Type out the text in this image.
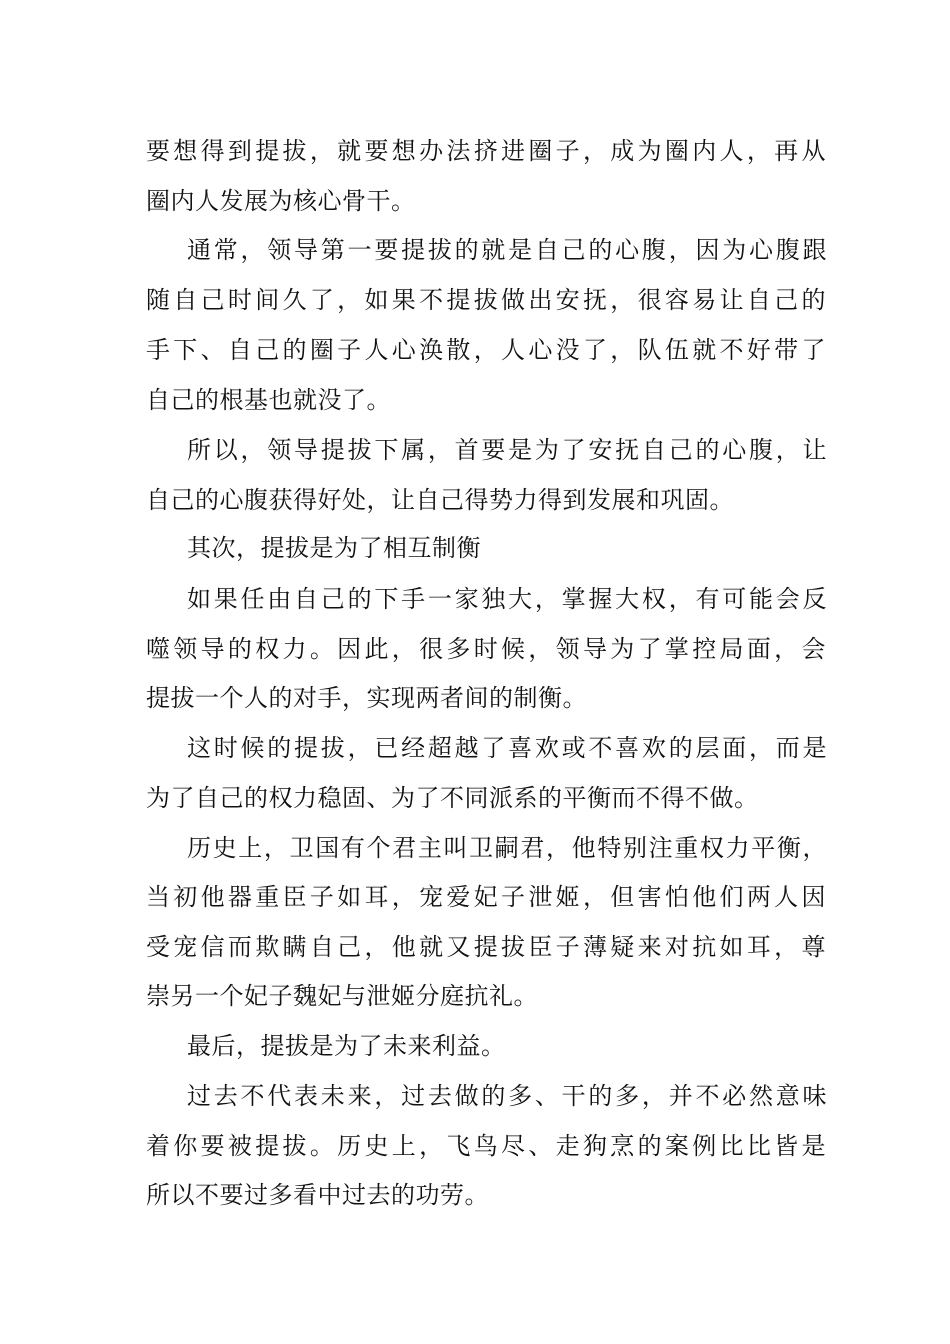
要想得到提拔，就要想办法挤进圈子，成为圈内人，再从
圈内人发展为核心骨干。
通常，领导第一要提拔的就是自己的心腹，因为心腹跟
随自己时间久了，如果不提拔做出安抚，很容易让自己的
手下、自己的圈子人心涣散，人心没了，队伍就不好带了
自己的根基也就没了。
所以，领导提拔下属，首要是为了安抚自己的心腹，让
自己的心腹获得好处，让自己得势力得到发展和巩固。
其次，提拔是为了相互制衡
如果任由自己的下手一家独大，掌握大权，有可能会反
噬领导的权力。因此，很多时候，领导为了掌控局面，会
提拔一个人的对手，实现两者间的制衡。
这时候的提拔，已经超越了喜欢或不喜欢的层面，而是
为了自己的权力稳固、为了不同派系的平衡而不得不做。
历史上，卫国有个君主叫卫嗣君，他特别注重权力平衡，
当初他器重臣子如耳，宠爱妃子泄姬，但害怕他们两人因
受宠信而欺瞒自己，他就又提拔臣子薄疑来对抗如耳，尊
崇另一个妃子魏妃与泄姬分庭抗礼。
最后，提拔是为了未来利益。
过去不代表未来，过去做的多、干的多，并不必然意味
着你要被提拔。历史上，飞鸟尽、走狗烹的案例比比皆是
所以不要过多看中过去的功劳。
